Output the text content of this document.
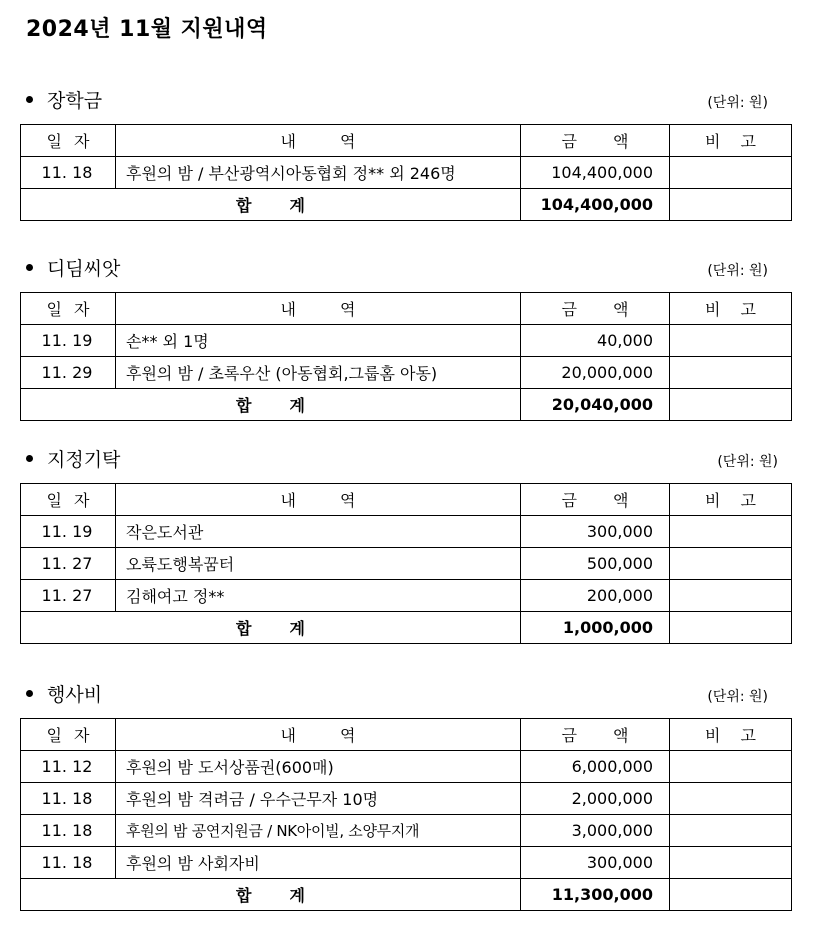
2024년 11월 지원내역
장학금	(단위: 원)
일 자	내 역	금 액	비 고
11. 18	후원의 밤 / 부산광역시아동협회 정** 외 246명	104,400,000	
합 계		104,400,000	
디딤씨앗	(단위: 원)
일 자	내 역	금 액	비 고
11. 19	손** 외 1명	40,000	
11. 29	후원의 밤 / 초록우산 (아동협회,그룹홈 아동)	20,000,000	
합 계		20,040,000	
지정기탁	(단위: 원)
일 자	내 역	금 액	비 고
11. 19	작은도서관	300,000	
11. 27	오륙도행복꿈터	500,000	
11. 27	김해여고 정**	200,000	
합 계		1,000,000	
행사비	(단위: 원)
일 자	내 역	금 액	비 고
11. 12	후원의 밤 도서상품권(600매)	6,000,000	
11. 18	후원의 밤 격려금 / 우수근무자 10명	2,000,000	
11. 18	후원의 밤 공연지원금 / NK아이빌, 소양무지개	3,000,000	
11. 18	후원의 밤 사회자비	300,000	
합 계		11,300,000	
